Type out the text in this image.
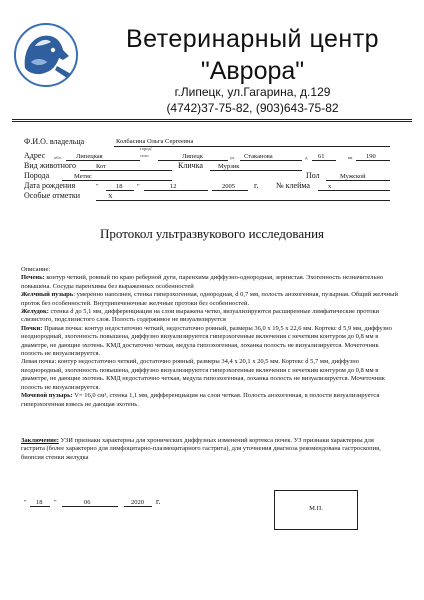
Ветеринарный центр
"Аврора"
г.Липецк, ул.Гагарина, д.129
(4742)37-75-82, (903)643-75-82
Ф.И.О. владельца	Колбасина Ольга Сергеевна
Адрес обл. Липецкая
город/
село	Липецк	ул. Стаканова	д. 61	кв. 190
Вид животного	Кот	Кличка Мурзик
Порода	Метис	Пол	Мужской
Дата рождения	"	18 "	12	2005 г. № клейма	х
Особые отметки	Х
Протокол ультразвукового исследования

Описание:

Печень: контур четкий, ровный по краю реберной дуги, паренхима диффузно-однородная, зернистая. Эхогенность незначительно повышена. Сосуды паренхимы без выраженных особенностей

Желчный пузырь: умеренно наполнен, стенка гиперэхогенная, однородная, d 0,7 мм, полость анэхогенная, пузырная. Общий желчный проток без особенностей. Внутрипеченочные желчные протоки без особенностей.

Желудок: стенка d до 5,1 мм, дифференциация на слои выражена четко, визуализируются расширенные лимфатические протоки слизистого, подслизистого слоя. Полость содержимое не визуализируется

Почки: Правая почка: контур недостаточно четкий, недостаточно ровный, размеры 36,0 х 19,5 х 22,6 мм. Кортекс d 5,9 мм, диффузно неоднородный, эхогенность повышена, диффузно визуализируются гиперэхогенные включения с нечетким контуром до 0,8 мм в диаметре, не дающие эхотень. КМД достаточно четкая, медула гипоэхогенная, лоханка полость не визуализируется. Мочеточник полость не визуализируется.

Левая почка: контур недостаточно четкий, достаточно ровный, размеры 34,4 х 20,1 х 20,5 мм. Кортекс d 5,7 мм, диффузно неоднородный, эхогенность повышена, диффузно визуализируются гиперэхогенные включения с нечетким контуром до 0,8 мм в диаметре, не дающие эхотень. КМД недостаточно четкая, медула гипоэхогенная, лоханка полость не визуализируется. Мочеточник полость не визуализируется.

Мочевой пузырь: V= 16,0 см³, стенка 1,1 мм, дифференциация на слои четкая. Полость анэхогенная, в полости визуализируется гиперэхогенная взвесь не дающая эхотень.

Заключение: УЗИ признаки характерны для хронических диффузных изменений кортекса почек. УЗ признаки характерны для гастрита (более характерно для лимфоцитарно-плазмоцитарного гастрита), для уточнения диагноза рекомендована гастроскопия, биопсия стенки желудка
" 18 "	06	2020 г.
М.П.
